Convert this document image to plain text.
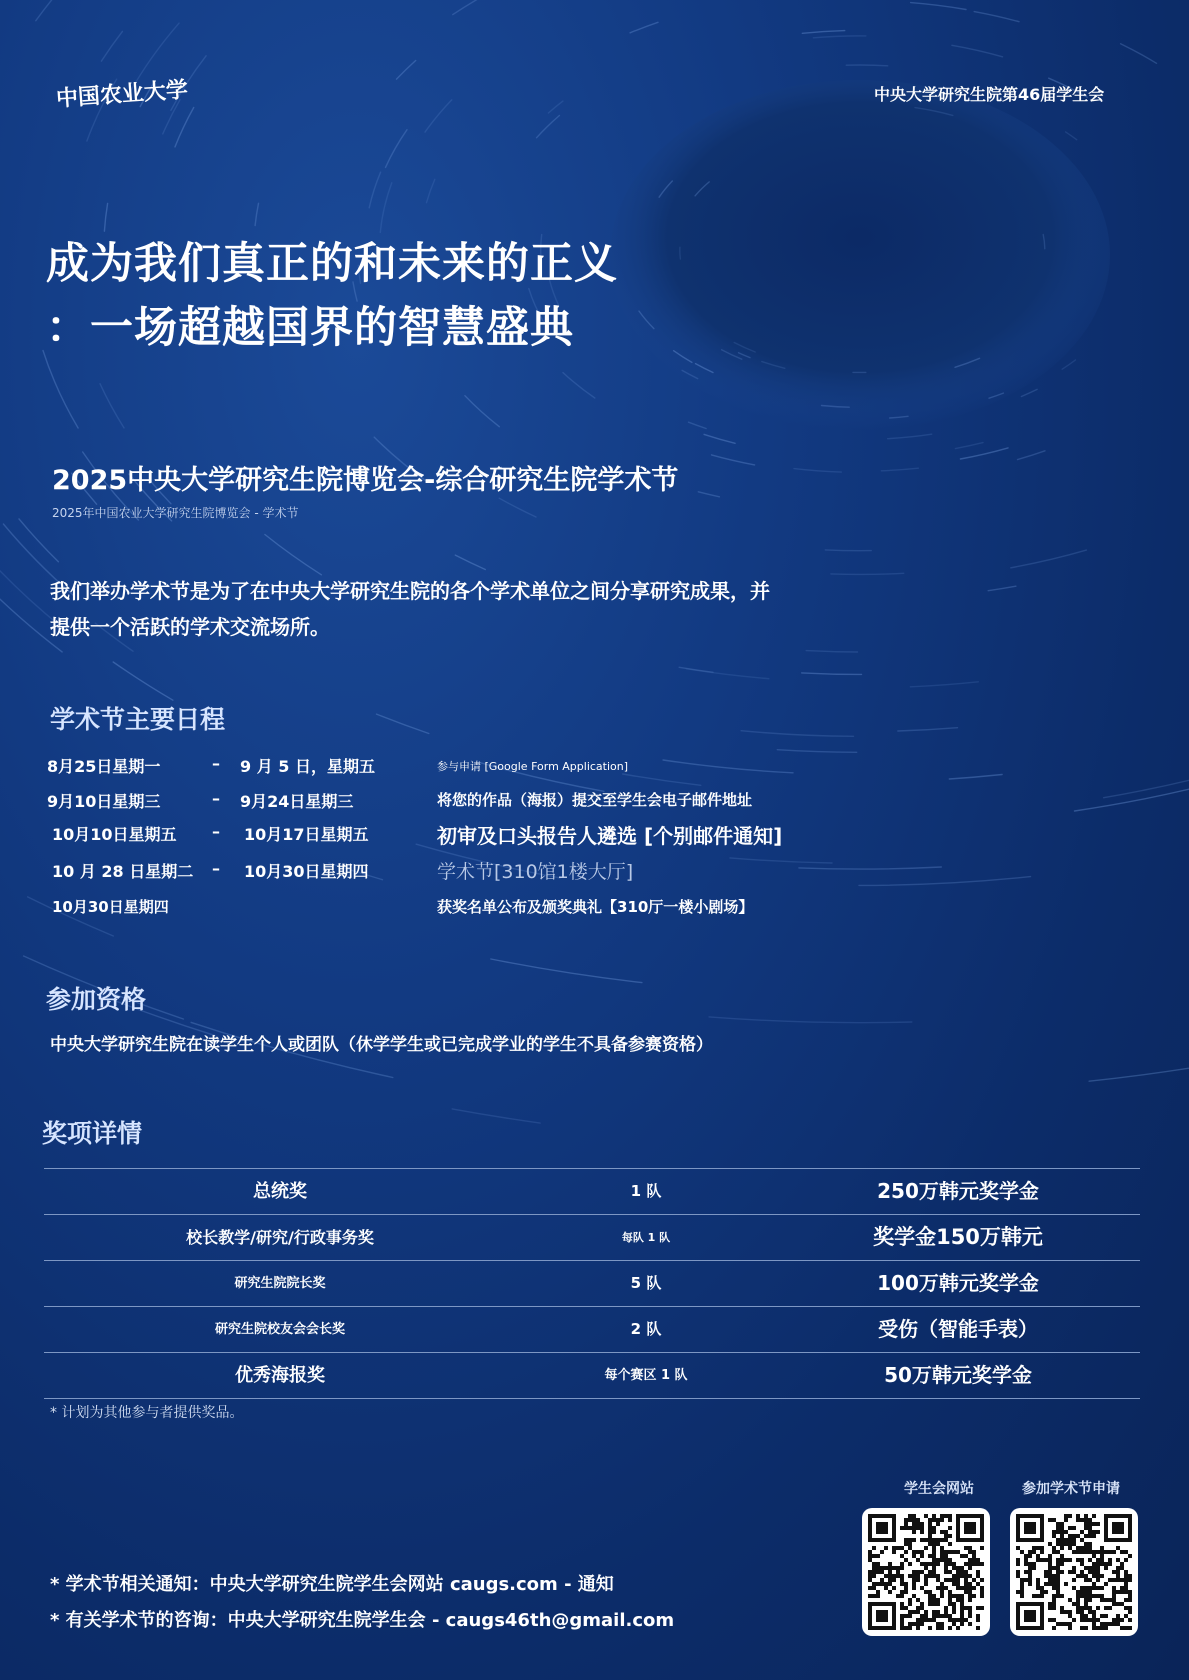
中国农业大学	中央大学研究生院第46届学生会
成为我们真正的和未来的正义
：一场超越国界的智慧盛典
2025中央大学研究生院博览会-综合研究生院学术节
2025年中国农业大学研究生院博览会 - 学术节
我们举办学术节是为了在中央大学研究生院的各个学术单位之间分享研究成果，并
提供一个活跃的学术交流场所。
学术节主要日程
8月25日星期一	– 9 月 5 日，星期五	参与申请 [Google Form Application]
9月10日星期三	– 9月24日星期三	将您的作品（海报）提交至学生会电子邮件地址
10月10日星期五 – 10月17日星期五	初审及口头报告人遴选 [个别邮件通知]
10 月 28 日星期二 – 10月30日星期四	学术节[310馆1楼大厅]
10月30日星期四	获奖名单公布及颁奖典礼【310厅一楼小剧场】
参加资格
中央大学研究生院在读学生个人或团队（休学学生或已完成学业的学生不具备参赛资格）
奖项详情
总统奖	1 队	250万韩元奖学金
校长教学/研究/行政事务奖	每队 1 队	奖学金150万韩元
研究生院院长奖	5 队	100万韩元奖学金
研究生院校友会会长奖	2 队	受伤（智能手表）
优秀海报奖	每个赛区 1 队	50万韩元奖学金
* 计划为其他参与者提供奖品。
学生会网站	参加学术节申请
* 学术节相关通知：中央大学研究生院学生会网站 caugs.com - 通知
* 有关学术节的咨询：中央大学研究生院学生会 - caugs46th@gmail.com
